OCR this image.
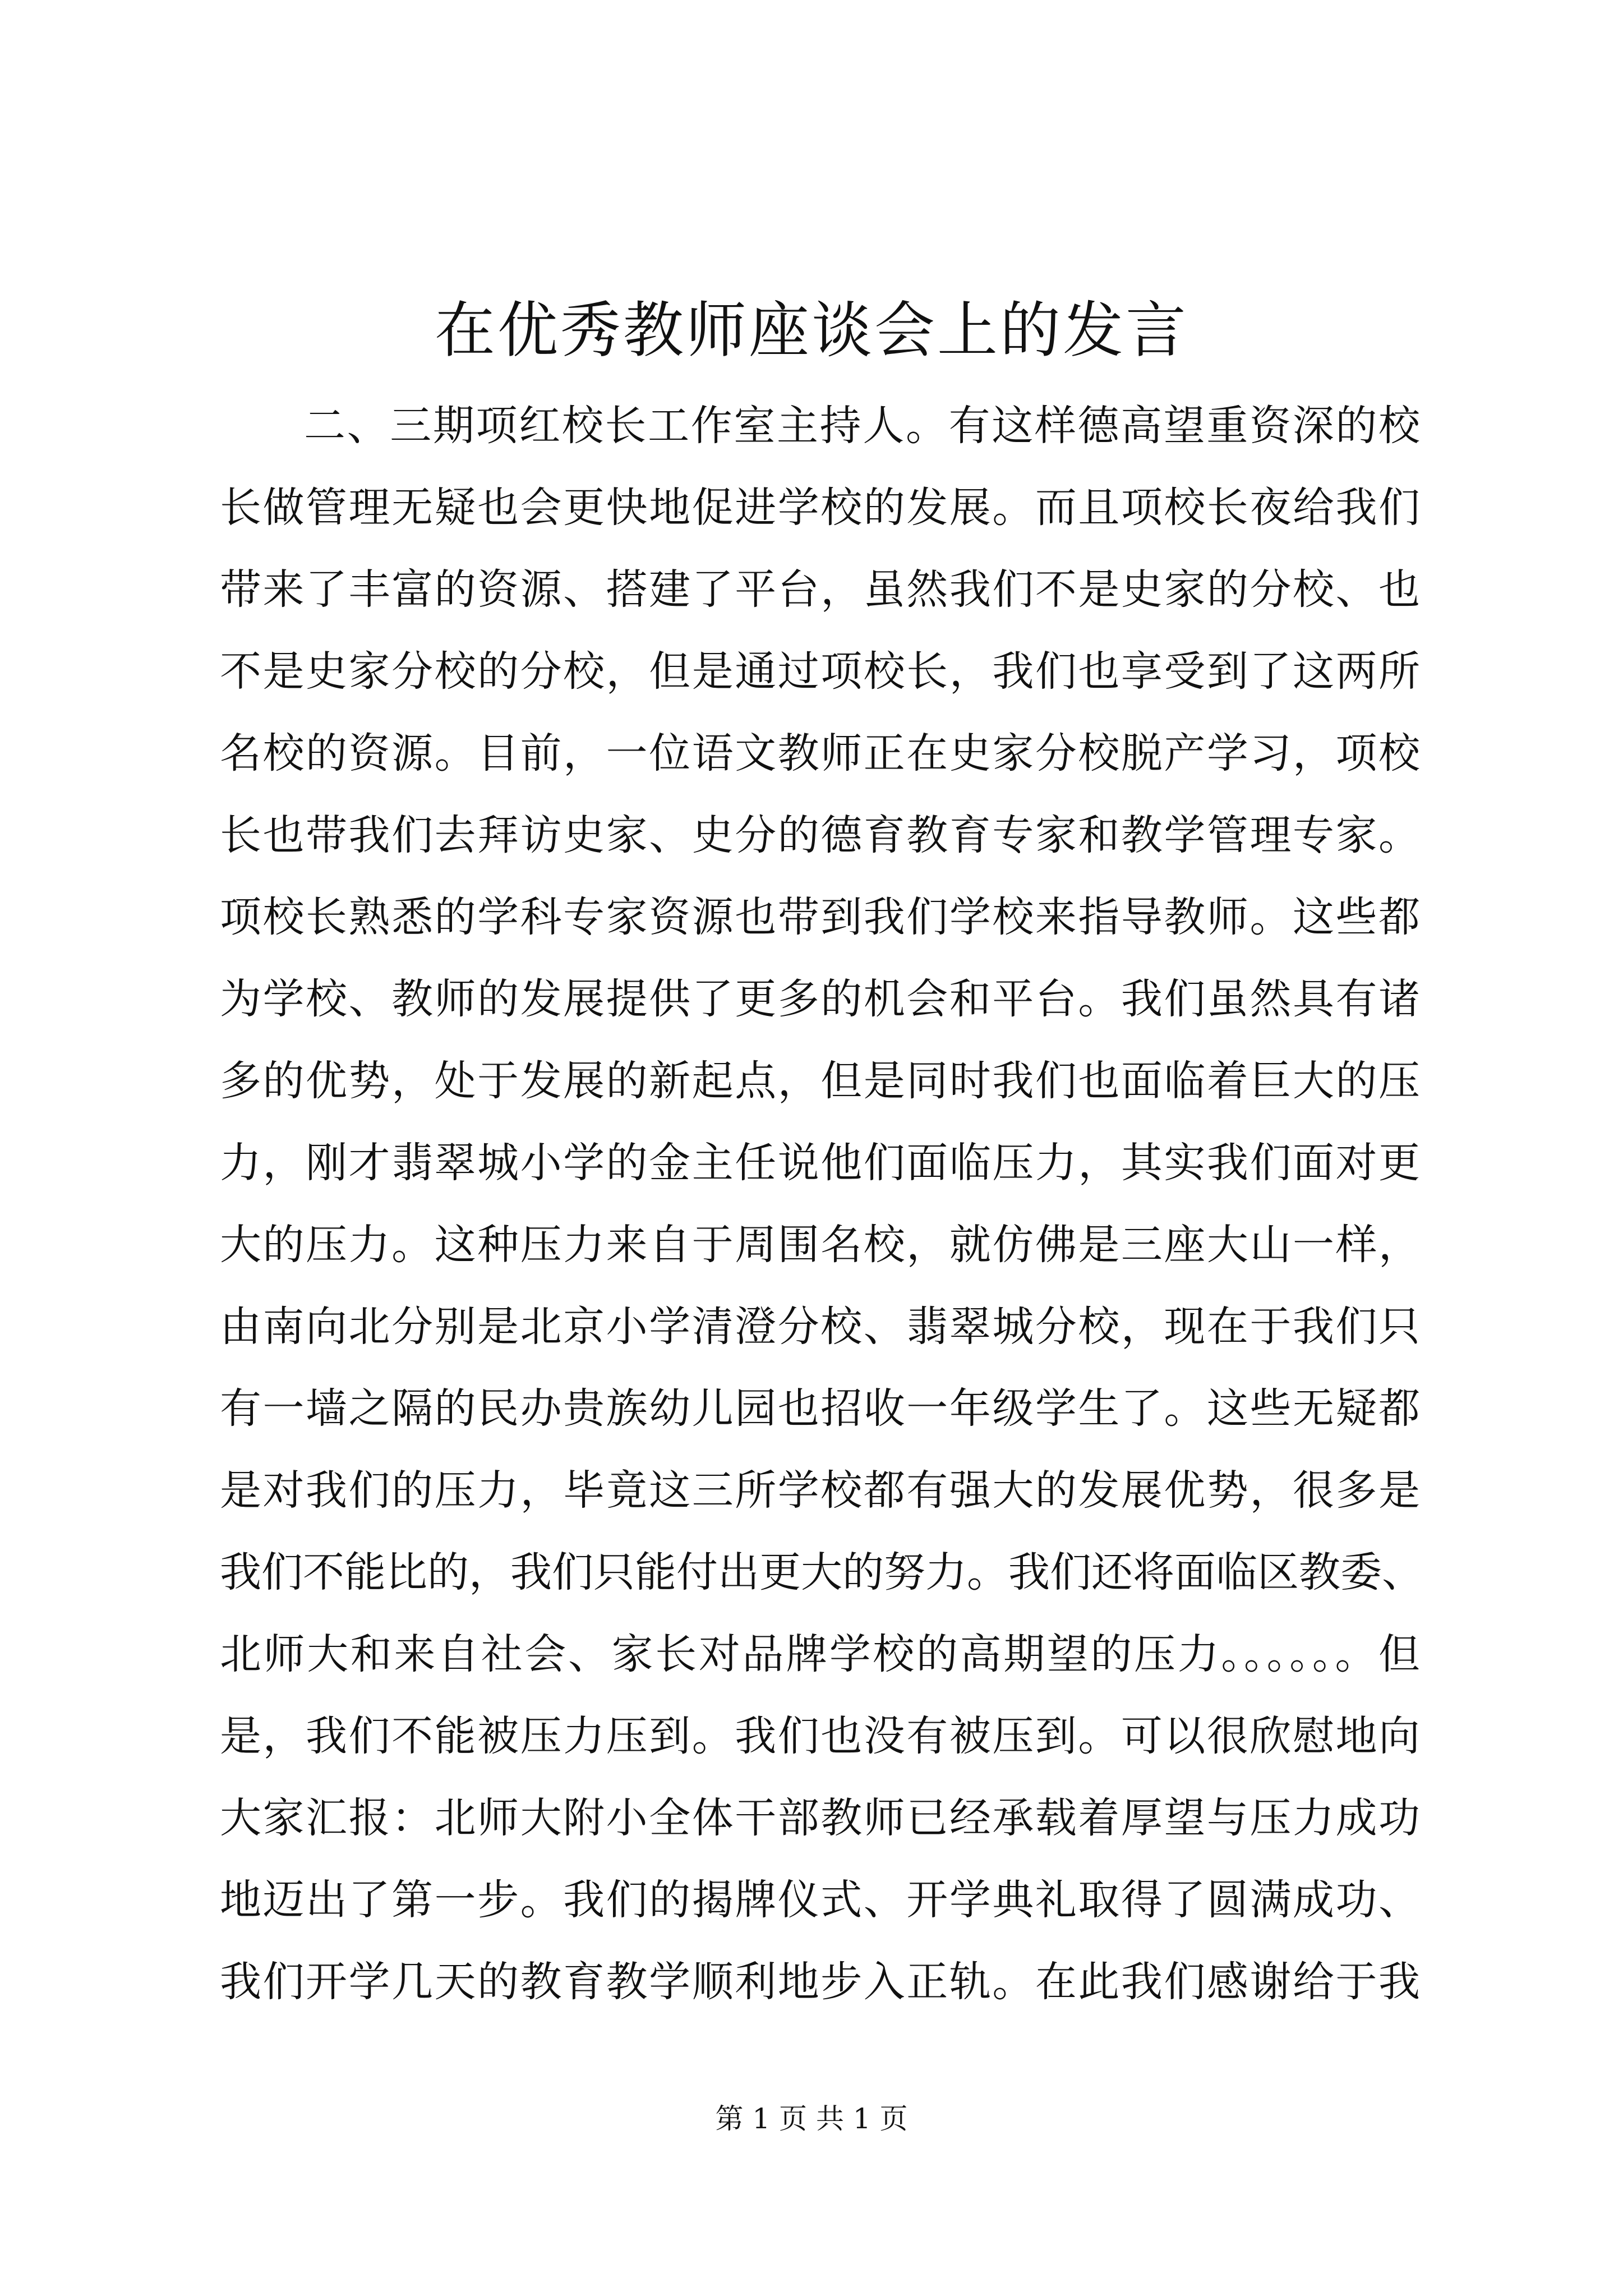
在优秀教师座谈会上的发言
二、三期项红校长工作室主持人。有这样德高望重资深的校
长做管理无疑也会更快地促进学校的发展。而且项校长夜给我们
带来了丰富的资源、搭建了平台，虽然我们不是史家的分校、也
不是史家分校的分校，但是通过项校长，我们也享受到了这两所
名校的资源。目前，一位语文教师正在史家分校脱产学习，项校
长也带我们去拜访史家、史分的德育教育专家和教学管理专家。
项校长熟悉的学科专家资源也带到我们学校来指导教师。这些都
为学校、教师的发展提供了更多的机会和平台。我们虽然具有诸
多的优势，处于发展的新起点，但是同时我们也面临着巨大的压
力，刚才翡翠城小学的金主任说他们面临压力，其实我们面对更
大的压力。这种压力来自于周围名校，就仿佛是三座大山一样，
由南向北分别是北京小学清澄分校、翡翠城分校，现在于我们只
有一墙之隔的民办贵族幼儿园也招收一年级学生了。这些无疑都
是对我们的压力，毕竟这三所学校都有强大的发展优势，很多是
我们不能比的，我们只能付出更大的努力。我们还将面临区教委、
北师大和来自社会、家长对品牌学校的高期望的压力。。。。。。但
是，我们不能被压力压到。我们也没有被压到。可以很欣慰地向
大家汇报：北师大附小全体干部教师已经承载着厚望与压力成功
地迈出了第一步。我们的揭牌仪式、开学典礼取得了圆满成功、
我们开学几天的教育教学顺利地步入正轨。在此我们感谢给于我
第 1 页 共 1 页
